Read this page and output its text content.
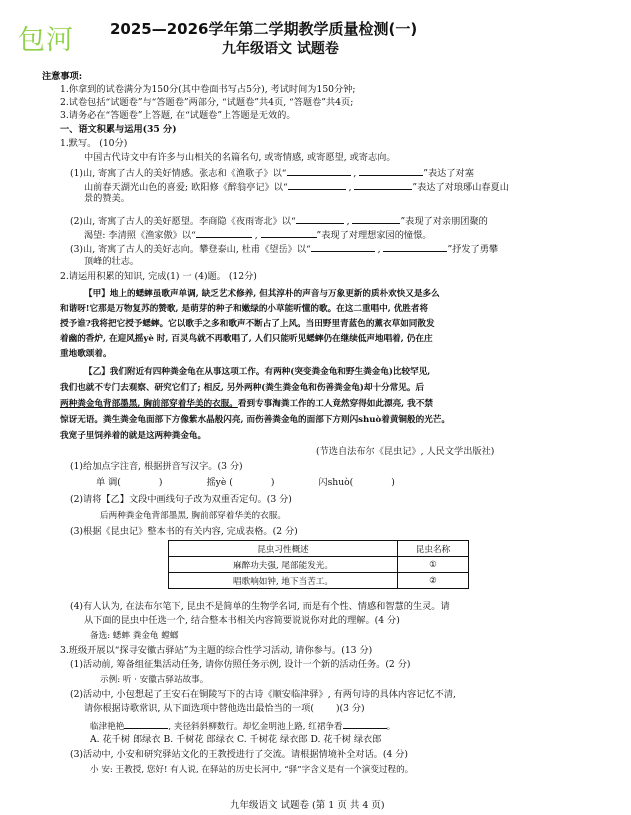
包河 2025—2026学年第二学期教学质量检测(一)
九年级语文 试题卷
注意事项:
1.你拿到的试卷满分为150分(其中卷面书写占5分), 考试时间为150分钟;
2.试卷包括“试题卷”与“答题卷”两部分, “试题卷”共4页, “答题卷”共4页;
3.请务必在“答题卷”上答题, 在“试题卷”上答题是无效的。
一、语文积累与运用(35 分)
1.默写。 (10分)
中国古代诗文中有许多与山相关的名篇名句, 或寄情感, 或寄愿望, 或寄志向。
(1)山, 寄寓了古人的美好情感。张志和《渔歌子》以“	,	”表达了对塞
山前春天湖光山色的喜爱; 欧阳修《醉翁亭记》以“	,	”表达了对琅琊山春夏山
景的赞美。
(2)山, 寄寓了古人的美好愿望。李商隐《夜雨寄北》以“	,	”表现了对亲朋团聚的
渴望: 李清照《渔家傲》以“	,	”表现了对理想家园的憧憬。
(3)山, 寄寓了古人的美好志向。攀登泰山, 杜甫《望岳》以“	,	”抒发了勇攀
顶峰的壮志。
2.请运用积累的知识, 完成(1) 一 (4)题。 (12分)
【甲】地上的蟋蟀虽歌声单调, 缺乏艺术修养, 但其淳朴的声音与万象更新的质朴欢快又是多么
和谐呀!它那是万物复苏的赞歌, 是萌芽的种子和嫩绿的小草能听懂的歌。在这二重唱中, 优胜者将
授予谁?我将把它授予蟋蟀。它以歌手之多和歌声不断占了上风。当田野里青蓝色的薰衣草如同散发
着幽的香炉, 在迎风摇yè 时, 百灵鸟就不再歌唱了, 人们只能听见蟋蟀仍在继续低声地唱着, 仍在庄
重地歌颂着。
【乙】我们附近有四种粪金龟在从事这项工作。有两种(突变粪金龟和野生粪金龟)比较罕见,
我们也就不专门去观察、研究它们了; 相反, 另外两种(粪生粪金龟和伤善粪金龟)却十分常见。后
两种粪金龟背部墨黑, 胸前部穿着华美的衣服。看到专事淘粪工作的工人竟然穿得如此漂亮, 我不禁
惊讶无语。粪生粪金龟面部下方像紫水晶般闪亮, 而伤善粪金龟的面部下方则闪shuò着黄铜般的光芒。
我宽子里饲养着的就是这两种粪金龟。
(节选自法布尔《昆虫记》, 人民文学出版社)
(1)给加点字注音, 根据拼音写汉字。(3 分)
单 调(	)	摇yè (	)	闪shuò(	)
(2)请将【乙】文段中画线句子改为双重否定句。(3 分)
后两种粪金龟背部墨黑, 胸前部穿着华美的衣服。
(3)根据《昆虫记》整本书的有关内容, 完成表格。(2 分)
昆虫习性概述	昆虫名称
麻醉功夫强, 尾部能发光。	①
唱歌响如钟, 地下当苦工。	②
(4)有人认为, 在法布尔笔下, 昆虫不是简单的生物学名词, 而是有个性、情感和智慧的生灵。请
从下面的昆虫中任选一个, 结合整本书相关内容简要说说你对此的理解。(4 分)
备选: 蟋蟀 粪金龟 螳螂
3.班级开展以“探寻安徽古驿站”为主题的综合性学习活动, 请你参与。(13 分)
(1)活动前, 筹备组征集活动任务, 请你仿照任务示例, 设计一个新的活动任务。(2 分)
示例: 听 · 安徽古驿站故事。
(2)活动中, 小包想起了王安石在铜陵写下的古诗《顺安临津驿》, 有两句诗的具体内容记忆不清,
请你根据诗歌常识, 从下面选项中替他选出最恰当的一项( )(3 分)
临津艳艳	, 夹径斜斜柳数行。却忆金明池上路, 红裙争看	。
A. 花千树 郎绿衣 B. 千树花 郎绿衣 C. 千树花 绿衣郎 D. 花千树 绿衣郎
(3)活动中, 小安和研究驿站文化的王教授进行了交流。请根据情境补全对话。(4 分)
小 安: 王教授, 您好! 有人说, 在驿站的历史长河中, “驿”字含义是有一个演变过程的。
九年级语文 试题卷 (第 1 页 共 4 页)
